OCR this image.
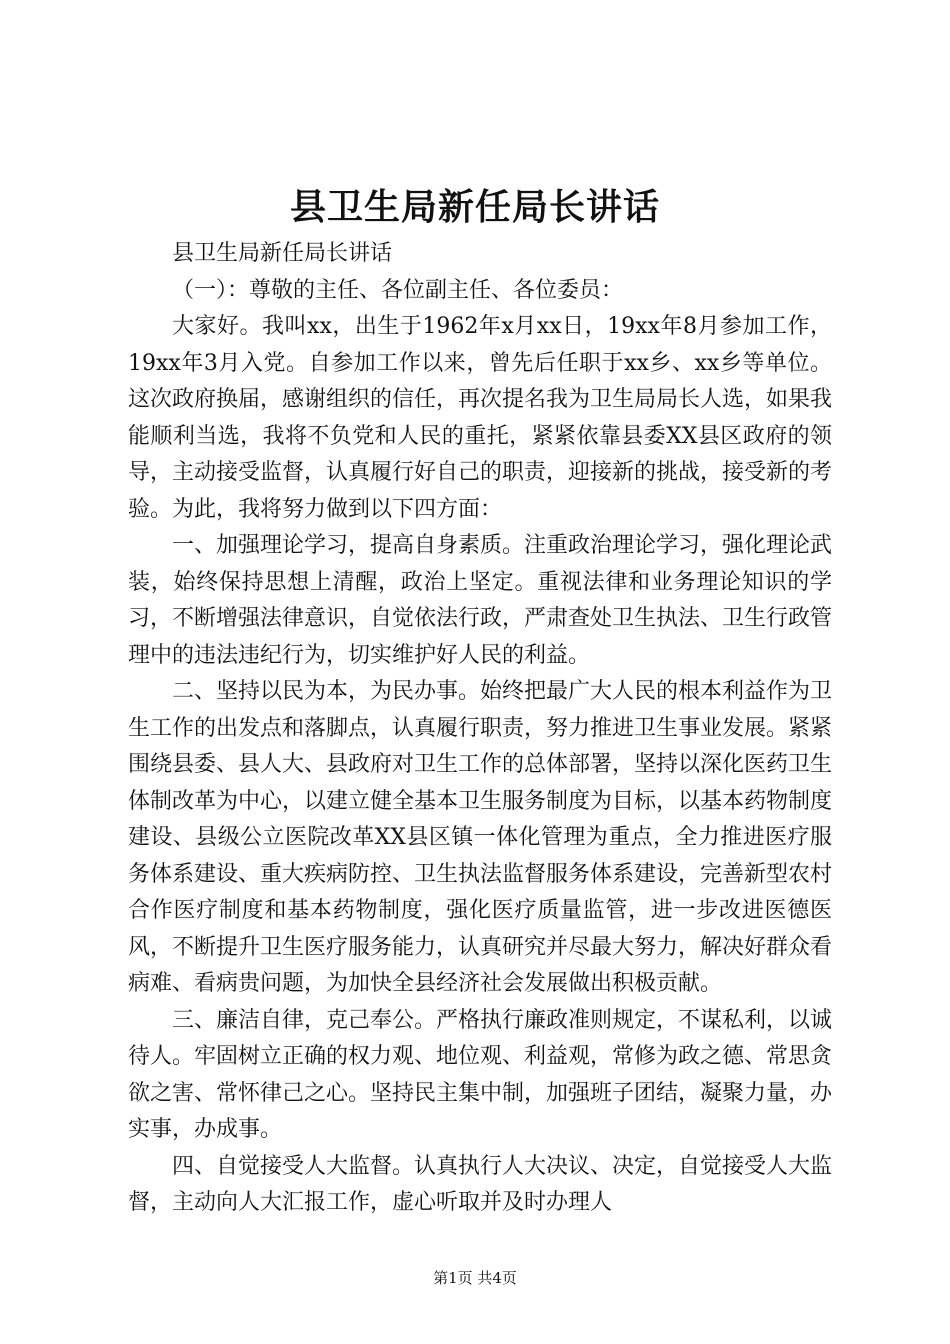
县卫生局新任局长讲话

县卫生局新任局长讲话

（一）：尊敬的主任、各位副主任、各位委员：

大家好。我叫xx，出生于1962年x月xx日，19xx年8月参加工作，19xx年3月入党。自参加工作以来，曾先后任职于xx乡、xx乡等单位。这次政府换届，感谢组织的信任，再次提名我为卫生局局长人选，如果我能顺利当选，我将不负党和人民的重托，紧紧依靠县委XX县区政府的领导，主动接受监督，认真履行好自己的职责，迎接新的挑战，接受新的考验。为此，我将努力做到以下四方面：

一、加强理论学习，提高自身素质。注重政治理论学习，强化理论武装，始终保持思想上清醒，政治上坚定。重视法律和业务理论知识的学习，不断增强法律意识，自觉依法行政，严肃查处卫生执法、卫生行政管理中的违法违纪行为，切实维护好人民的利益。

二、坚持以民为本，为民办事。始终把最广大人民的根本利益作为卫生工作的出发点和落脚点，认真履行职责，努力推进卫生事业发展。紧紧围绕县委、县人大、县政府对卫生工作的总体部署，坚持以深化医药卫生体制改革为中心，以建立健全基本卫生服务制度为目标，以基本药物制度建设、县级公立医院改革XX县区镇一体化管理为重点，全力推进医疗服务体系建设、重大疾病防控、卫生执法监督服务体系建设，完善新型农村合作医疗制度和基本药物制度，强化医疗质量监管，进一步改进医德医风，不断提升卫生医疗服务能力，认真研究并尽最大努力，解决好群众看病难、看病贵问题，为加快全县经济社会发展做出积极贡献。

三、廉洁自律，克己奉公。严格执行廉政准则规定，不谋私利，以诚待人。牢固树立正确的权力观、地位观、利益观，常修为政之德、常思贪欲之害、常怀律己之心。坚持民主集中制，加强班子团结，凝聚力量，办实事，办成事。

四、自觉接受人大监督。认真执行人大决议、决定，自觉接受人大监督，主动向人大汇报工作，虚心听取并及时办理人

第1页 共4页
